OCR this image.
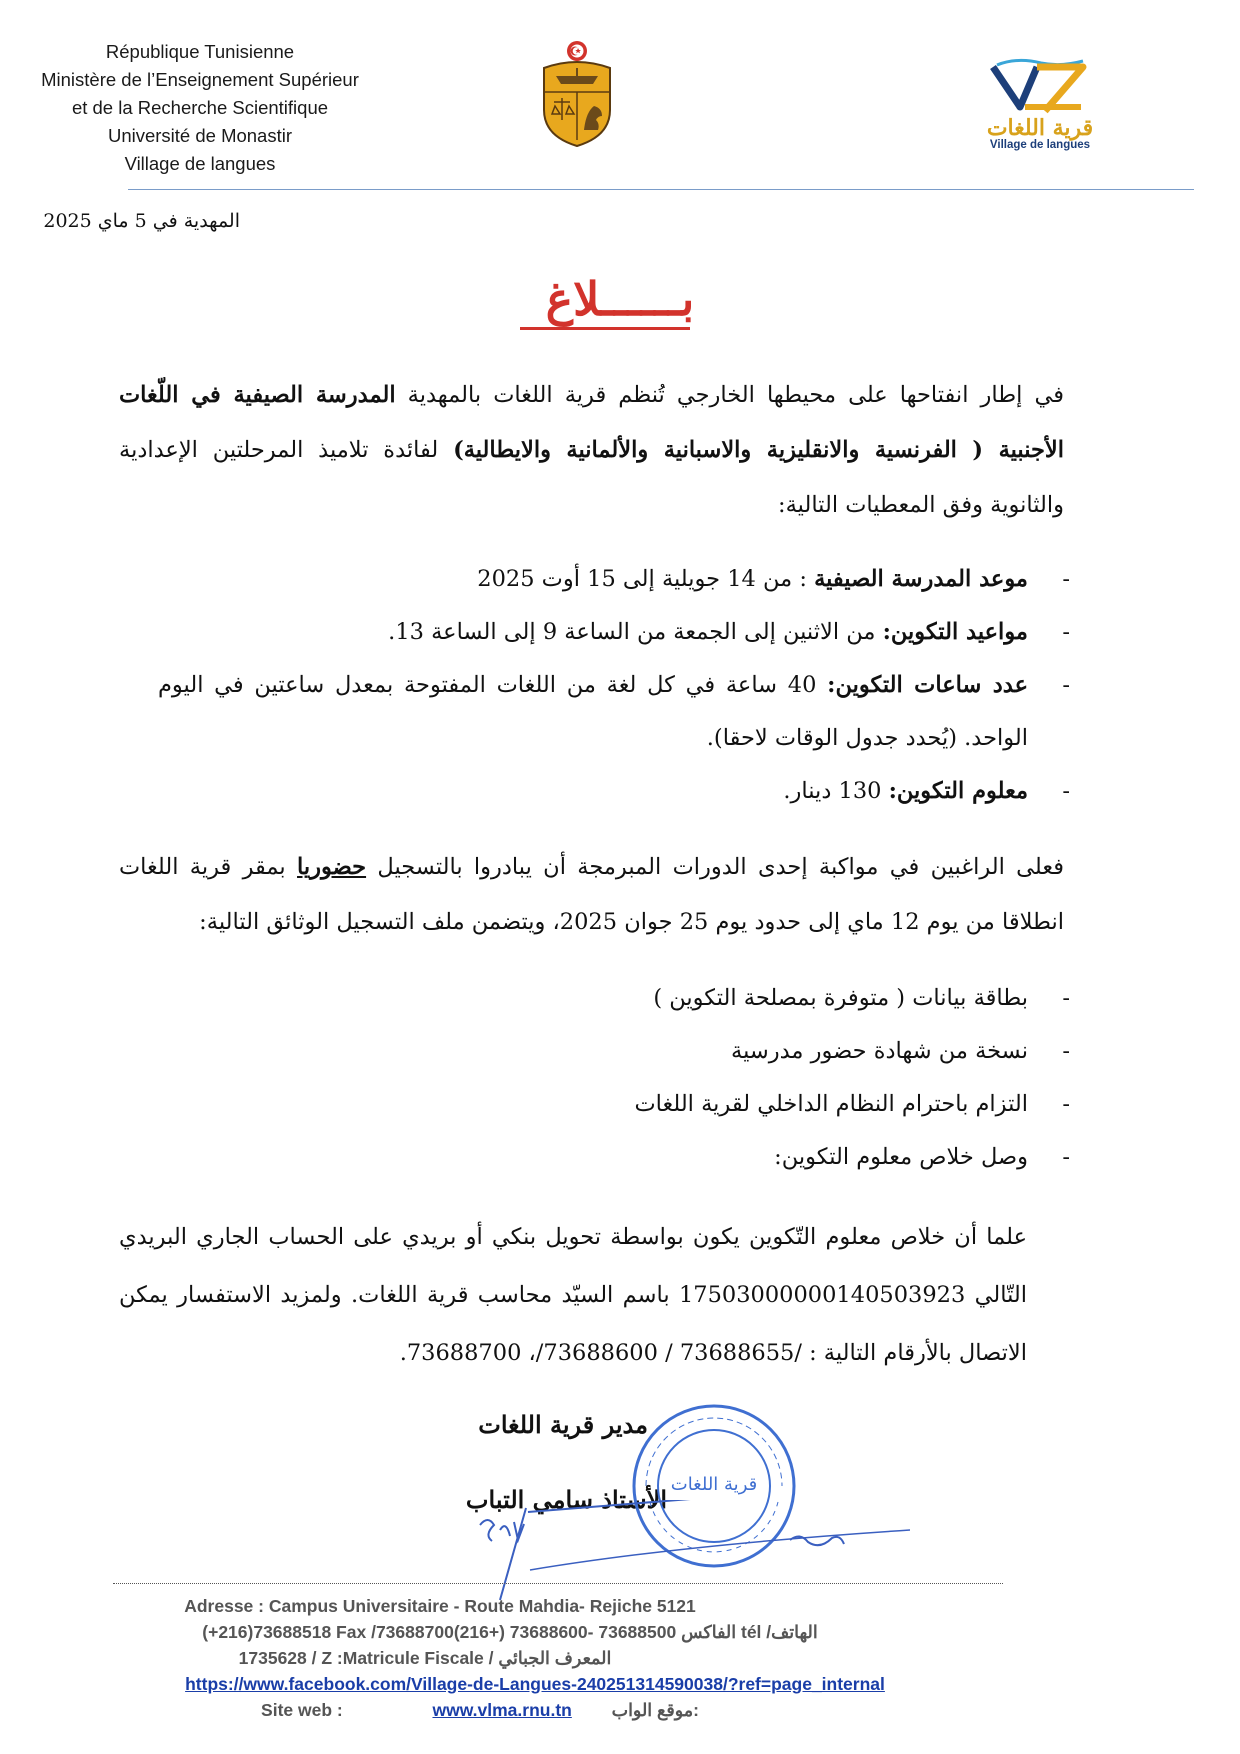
République Tunisienne
Ministère de l’Enseignement Supérieur
et de la Recherche Scientifique
Université de Monastir
Village de langues
قرية اللغات
Village de langues
المهدية في 5 ماي 2025
بــــــلاغ
في إطار انفتاحها على محيطها الخارجي تُنظم قرية اللغات بالمهدية المدرسة الصيفية في اللّغات الأجنبية ( الفرنسية والانقليزية والاسبانية والألمانية والايطالية) لفائدة تلاميذ المرحلتين الإعدادية والثانوية وفق المعطيات التالية:
-
موعد المدرسة الصيفية : من 14 جويلية إلى 15 أوت 2025
-
مواعيد التكوين: من الاثنين إلى الجمعة من الساعة 9 إلى الساعة 13.
-
عدد ساعات التكوين: 40 ساعة في كل لغة من اللغات المفتوحة بمعدل ساعتين في اليوم الواحد. (يُحدد جدول الوقات لاحقا).
-
معلوم التكوين: 130 دينار.
فعلى الراغبين في مواكبة إحدى الدورات المبرمجة أن يبادروا بالتسجيل حضوريا بمقر قرية اللغات انطلاقا من يوم 12 ماي إلى حدود يوم 25 جوان 2025، ويتضمن ملف التسجيل الوثائق التالية:
-
بطاقة بيانات ( متوفرة بمصلحة التكوين )
-
نسخة من شهادة حضور مدرسية
-
التزام باحترام النظام الداخلي لقرية اللغات
-
وصل خلاص معلوم التكوين:
علما أن خلاص معلوم التّكوين يكون بواسطة تحويل بنكي أو بريدي على الحساب الجاري البريدي التّالي 17503000000140503923 باسم السيّد محاسب قرية اللغات. ولمزيد الاستفسار يمكن الاتصال بالأرقام التالية : /73688655 / 73688600/، 73688700.
مدير قرية اللغات
الأستاذ سامي التباب
قرية اللغات
Adresse : Campus Universitaire - Route Mahdia- Rejiche 5121
(+216)73688518 Fax /الفاكس 73688500 -73688600 (+216)73688700 tél /الهاتف
1735628 / Z :Matricule Fiscale / المعرف الجبائي
https://www.facebook.com/Village-de-Langues-240251314590038/?ref=page_internal
Site web :	www.vlma.rnu.tn موقع الواب:
